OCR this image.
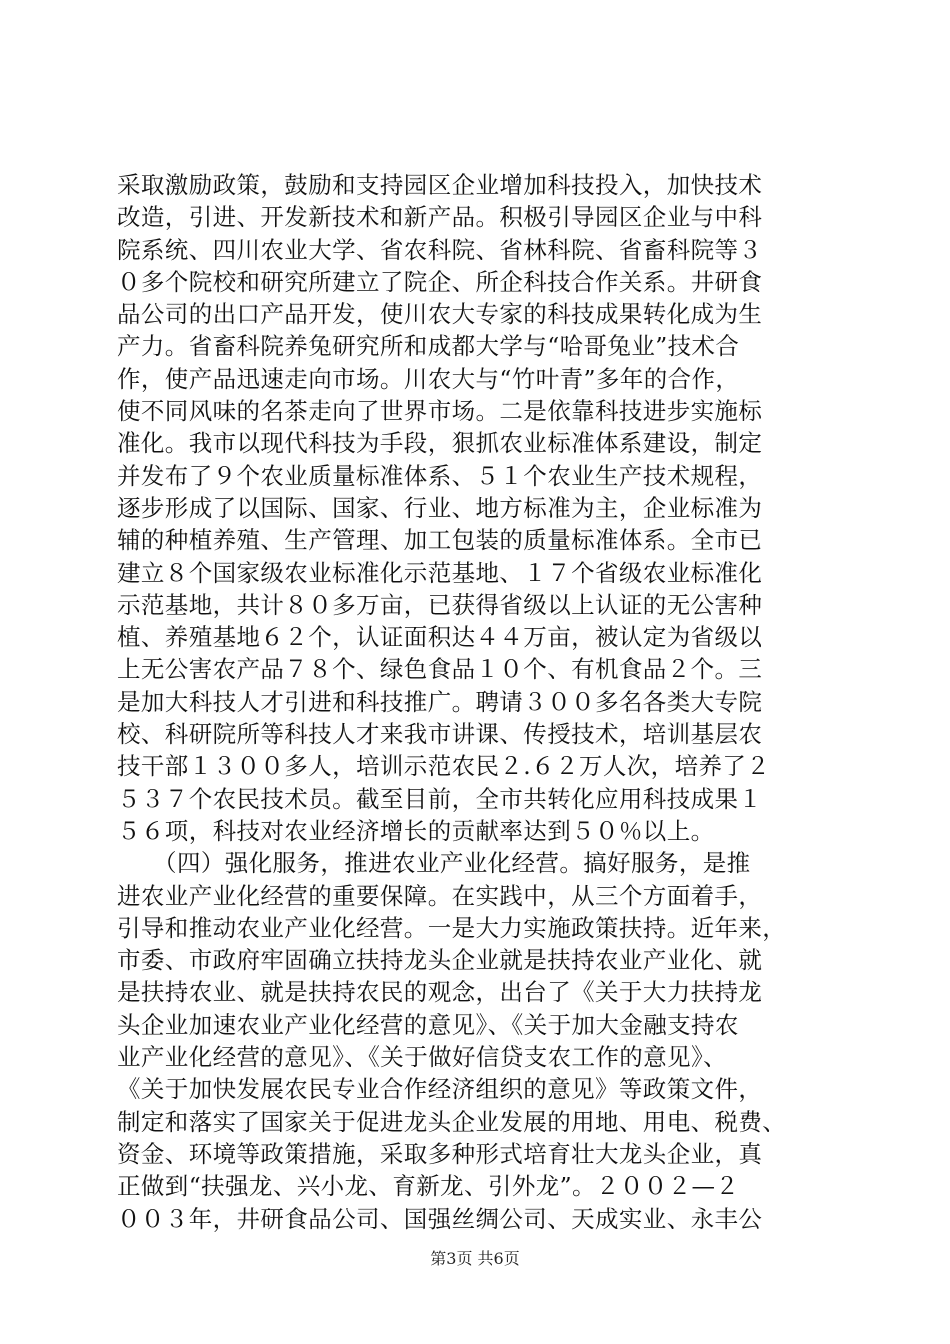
采取激励政策，鼓励和支持园区企业增加科技投入，加快技术
改造，引进、开发新技术和新产品。积极引导园区企业与中科
院系统、四川农业大学、省农科院、省林科院、省畜科院等３
０多个院校和研究所建立了院企、所企科技合作关系。井研食
品公司的出口产品开发，使川农大专家的科技成果转化成为生
产力。省畜科院养兔研究所和成都大学与“哈哥兔业”技术合
作，使产品迅速走向市场。川农大与“竹叶青”多年的合作，
使不同风味的名茶走向了世界市场。二是依靠科技进步实施标
准化。我市以现代科技为手段，狠抓农业标准体系建设，制定
并发布了９个农业质量标准体系、５１个农业生产技术规程，
逐步形成了以国际、国家、行业、地方标准为主，企业标准为
辅的种植养殖、生产管理、加工包装的质量标准体系。全市已
建立８个国家级农业标准化示范基地、１７个省级农业标准化
示范基地，共计８０多万亩，已获得省级以上认证的无公害种
植、养殖基地６２个，认证面积达４４万亩，被认定为省级以
上无公害农产品７８个、绿色食品１０个、有机食品２个。三
是加大科技人才引进和科技推广。聘请３００多名各类大专院
校、科研院所等科技人才来我市讲课、传授技术，培训基层农
技干部１３００多人，培训示范农民２.６２万人次，培养了２
５３７个农民技术员。截至目前，全市共转化应用科技成果１
５６项，科技对农业经济增长的贡献率达到５０％以上。
　　（四）强化服务，推进农业产业化经营。搞好服务，是推
进农业产业化经营的重要保障。在实践中，从三个方面着手，
引导和推动农业产业化经营。一是大力实施政策扶持。近年来，
市委、市政府牢固确立扶持龙头企业就是扶持农业产业化、就
是扶持农业、就是扶持农民的观念，出台了《关于大力扶持龙
头企业加速农业产业化经营的意见》、《关于加大金融支持农
业产业化经营的意见》、《关于做好信贷支农工作的意见》、
《关于加快发展农民专业合作经济组织的意见》等政策文件，
制定和落实了国家关于促进龙头企业发展的用地、用电、税费、
资金、环境等政策措施，采取多种形式培育壮大龙头企业，真
正做到“扶强龙、兴小龙、育新龙、引外龙”。２００２—２
００３年，井研食品公司、国强丝绸公司、天成实业、永丰公
第3页 共6页
